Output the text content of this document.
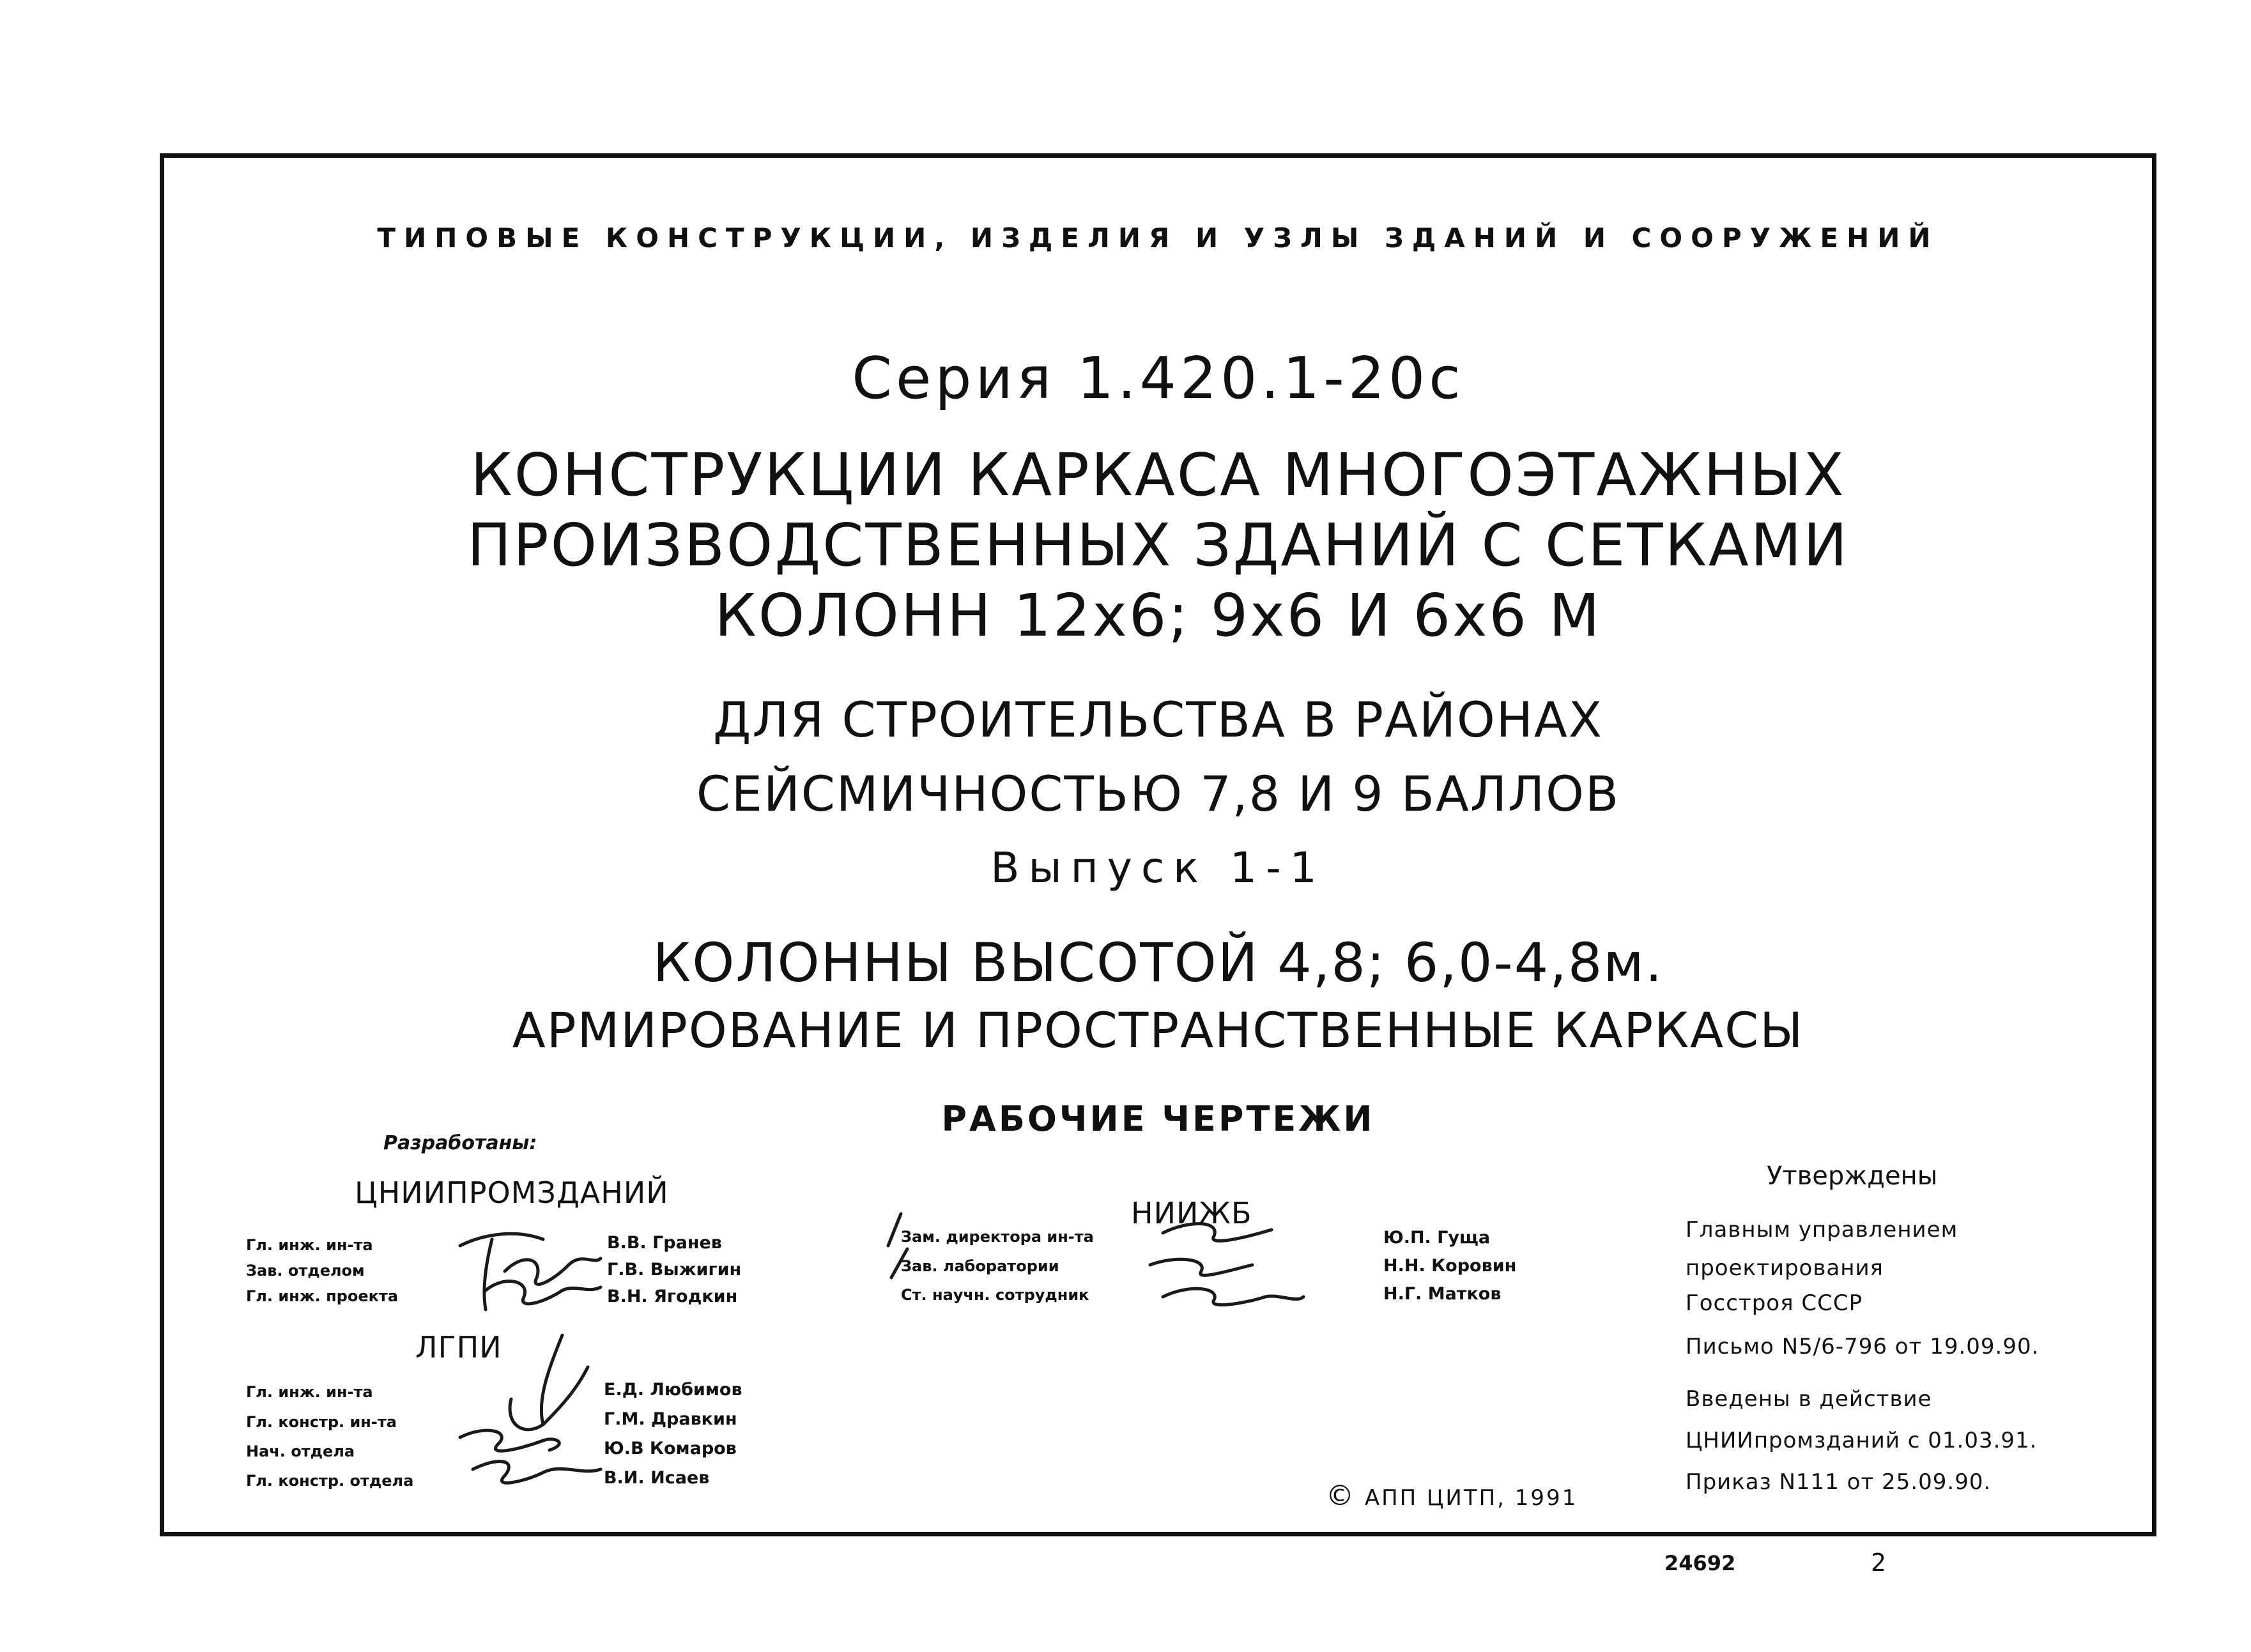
ТИПОВЫЕ КОНСТРУКЦИИ, ИЗДЕЛИЯ И УЗЛЫ ЗДАНИЙ И СООРУЖЕНИЙ
Серия 1.420.1-20с
КОНСТРУКЦИИ КАРКАСА МНОГОЭТАЖНЫХ
ПРОИЗВОДСТВЕННЫХ ЗДАНИЙ С СЕТКАМИ
КОЛОНН 12x6; 9x6 И 6x6 М
ДЛЯ СТРОИТЕЛЬСТВА В РАЙОНАХ
СЕЙСМИЧНОСТЬЮ 7,8 И 9 БАЛЛОВ
Выпуск 1-1
КОЛОННЫ ВЫСОТОЙ 4,8; 6,0-4,8м.
АРМИРОВАНИЕ И ПРОСТРАНСТВЕННЫЕ КАРКАСЫ
РАБОЧИЕ ЧЕРТЕЖИ
Разработаны:
ЦНИИПРОМЗДАНИЙ
Гл. инж. ин-та
Зав. отделом
Гл. инж. проекта
В.В. Гранев
Г.В. Выжигин
В.Н. Ягодкин
ЛГПИ
Гл. инж. ин-та
Гл. констр. ин-та
Нач. отдела
Гл. констр. отдела
Е.Д. Любимов
Г.М. Дравкин
Ю.В Комаров
В.И. Исаев
НИИЖБ
Зам. директора ин-та
Зав. лаборатории
Ст. научн. сотрудник
Ю.П. Гуща
Н.Н. Коровин
Н.Г. Матков
Утверждены
Главным управлением
проектирования
Госстроя СССР
Письмо N5/6-796 от 19.09.90.
Введены в действие
ЦНИИпромзданий с 01.03.91.
Приказ N111 от 25.09.90.
© АПП ЦИТП, 1991
24692	2
